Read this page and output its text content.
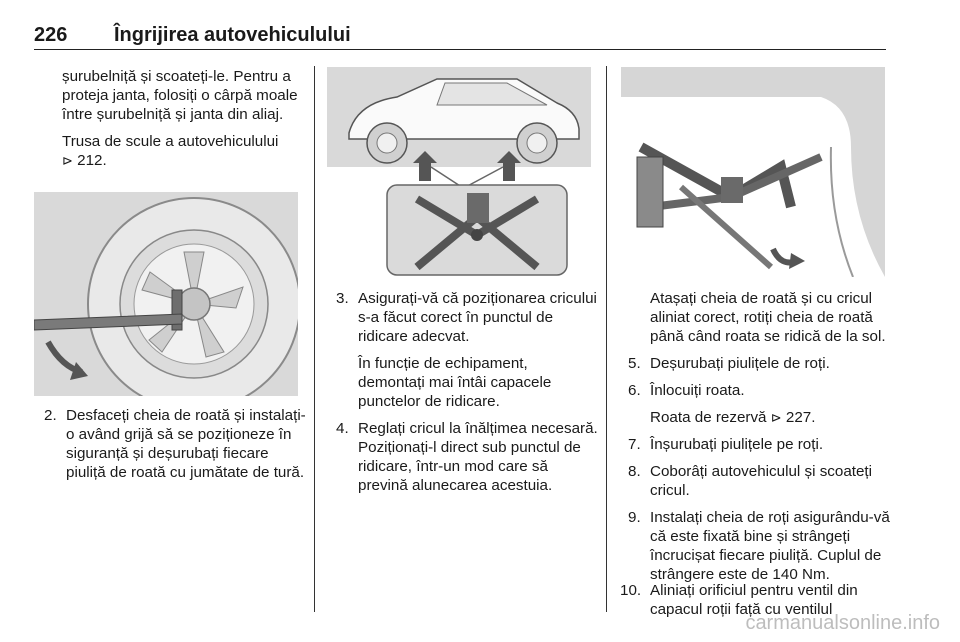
226 Îngrijirea autovehiculului

șurubelniță și scoateți-le. Pentru a proteja janta, folosiți o cârpă moale între șurubelniță și janta din aliaj.

Trusa de scule a autovehiculului
⊳ 212.

2. Desfaceți cheia de roată și instalați-o având grijă să se poziționeze în siguranță și deșurubați fiecare piuliță de roată cu jumătate de tură.
3. Asigurați-vă că poziționarea cricului s-a făcut corect în punctul de ridicare adecvat.
În funcție de echipament, demontați mai întâi capacele punctelor de ridicare.
4. Reglați cricul la înălțimea necesară. Poziționați-l direct sub punctul de ridicare, într-un mod care să prevină alunecarea acestuia.
Atașați cheia de roată și cu cricul aliniat corect, rotiți cheia de roată până când roata se ridică de la sol.
5. Deșurubați piulițele de roți.
6. Înlocuiți roata.
Roata de rezervă ⊳ 227.
7. Înșurubați piulițele pe roți.
8. Coborâți autovehiculul și scoateți cricul.
9. Instalați cheia de roți asigurându-vă că este fixată bine și strângeți încrucișat fiecare piuliță. Cuplul de strângere este de 140 Nm.
10. Aliniați orificiul pentru ventil din capacul roții față cu ventilul
carmanualsonline.info
